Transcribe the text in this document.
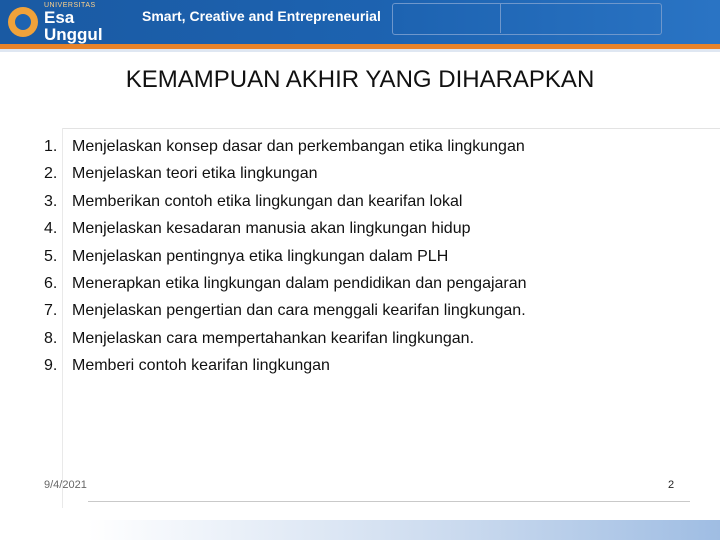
UNIVERSITAS
Esa Unggul
Smart, Creative and Entrepreneurial
KEMAMPUAN AKHIR YANG DIHARAPKAN
1. Menjelaskan konsep dasar dan perkembangan etika lingkungan
2. Menjelaskan teori etika lingkungan
3. Memberikan contoh etika lingkungan dan kearifan lokal
4. Menjelaskan kesadaran manusia akan lingkungan hidup
5. Menjelaskan pentingnya etika lingkungan dalam PLH
6. Menerapkan etika lingkungan dalam pendidikan dan pengajaran
7. Menjelaskan pengertian dan cara menggali kearifan lingkungan.
8. Menjelaskan cara mempertahankan kearifan lingkungan.
9. Memberi contoh kearifan lingkungan
9/4/2021	2
